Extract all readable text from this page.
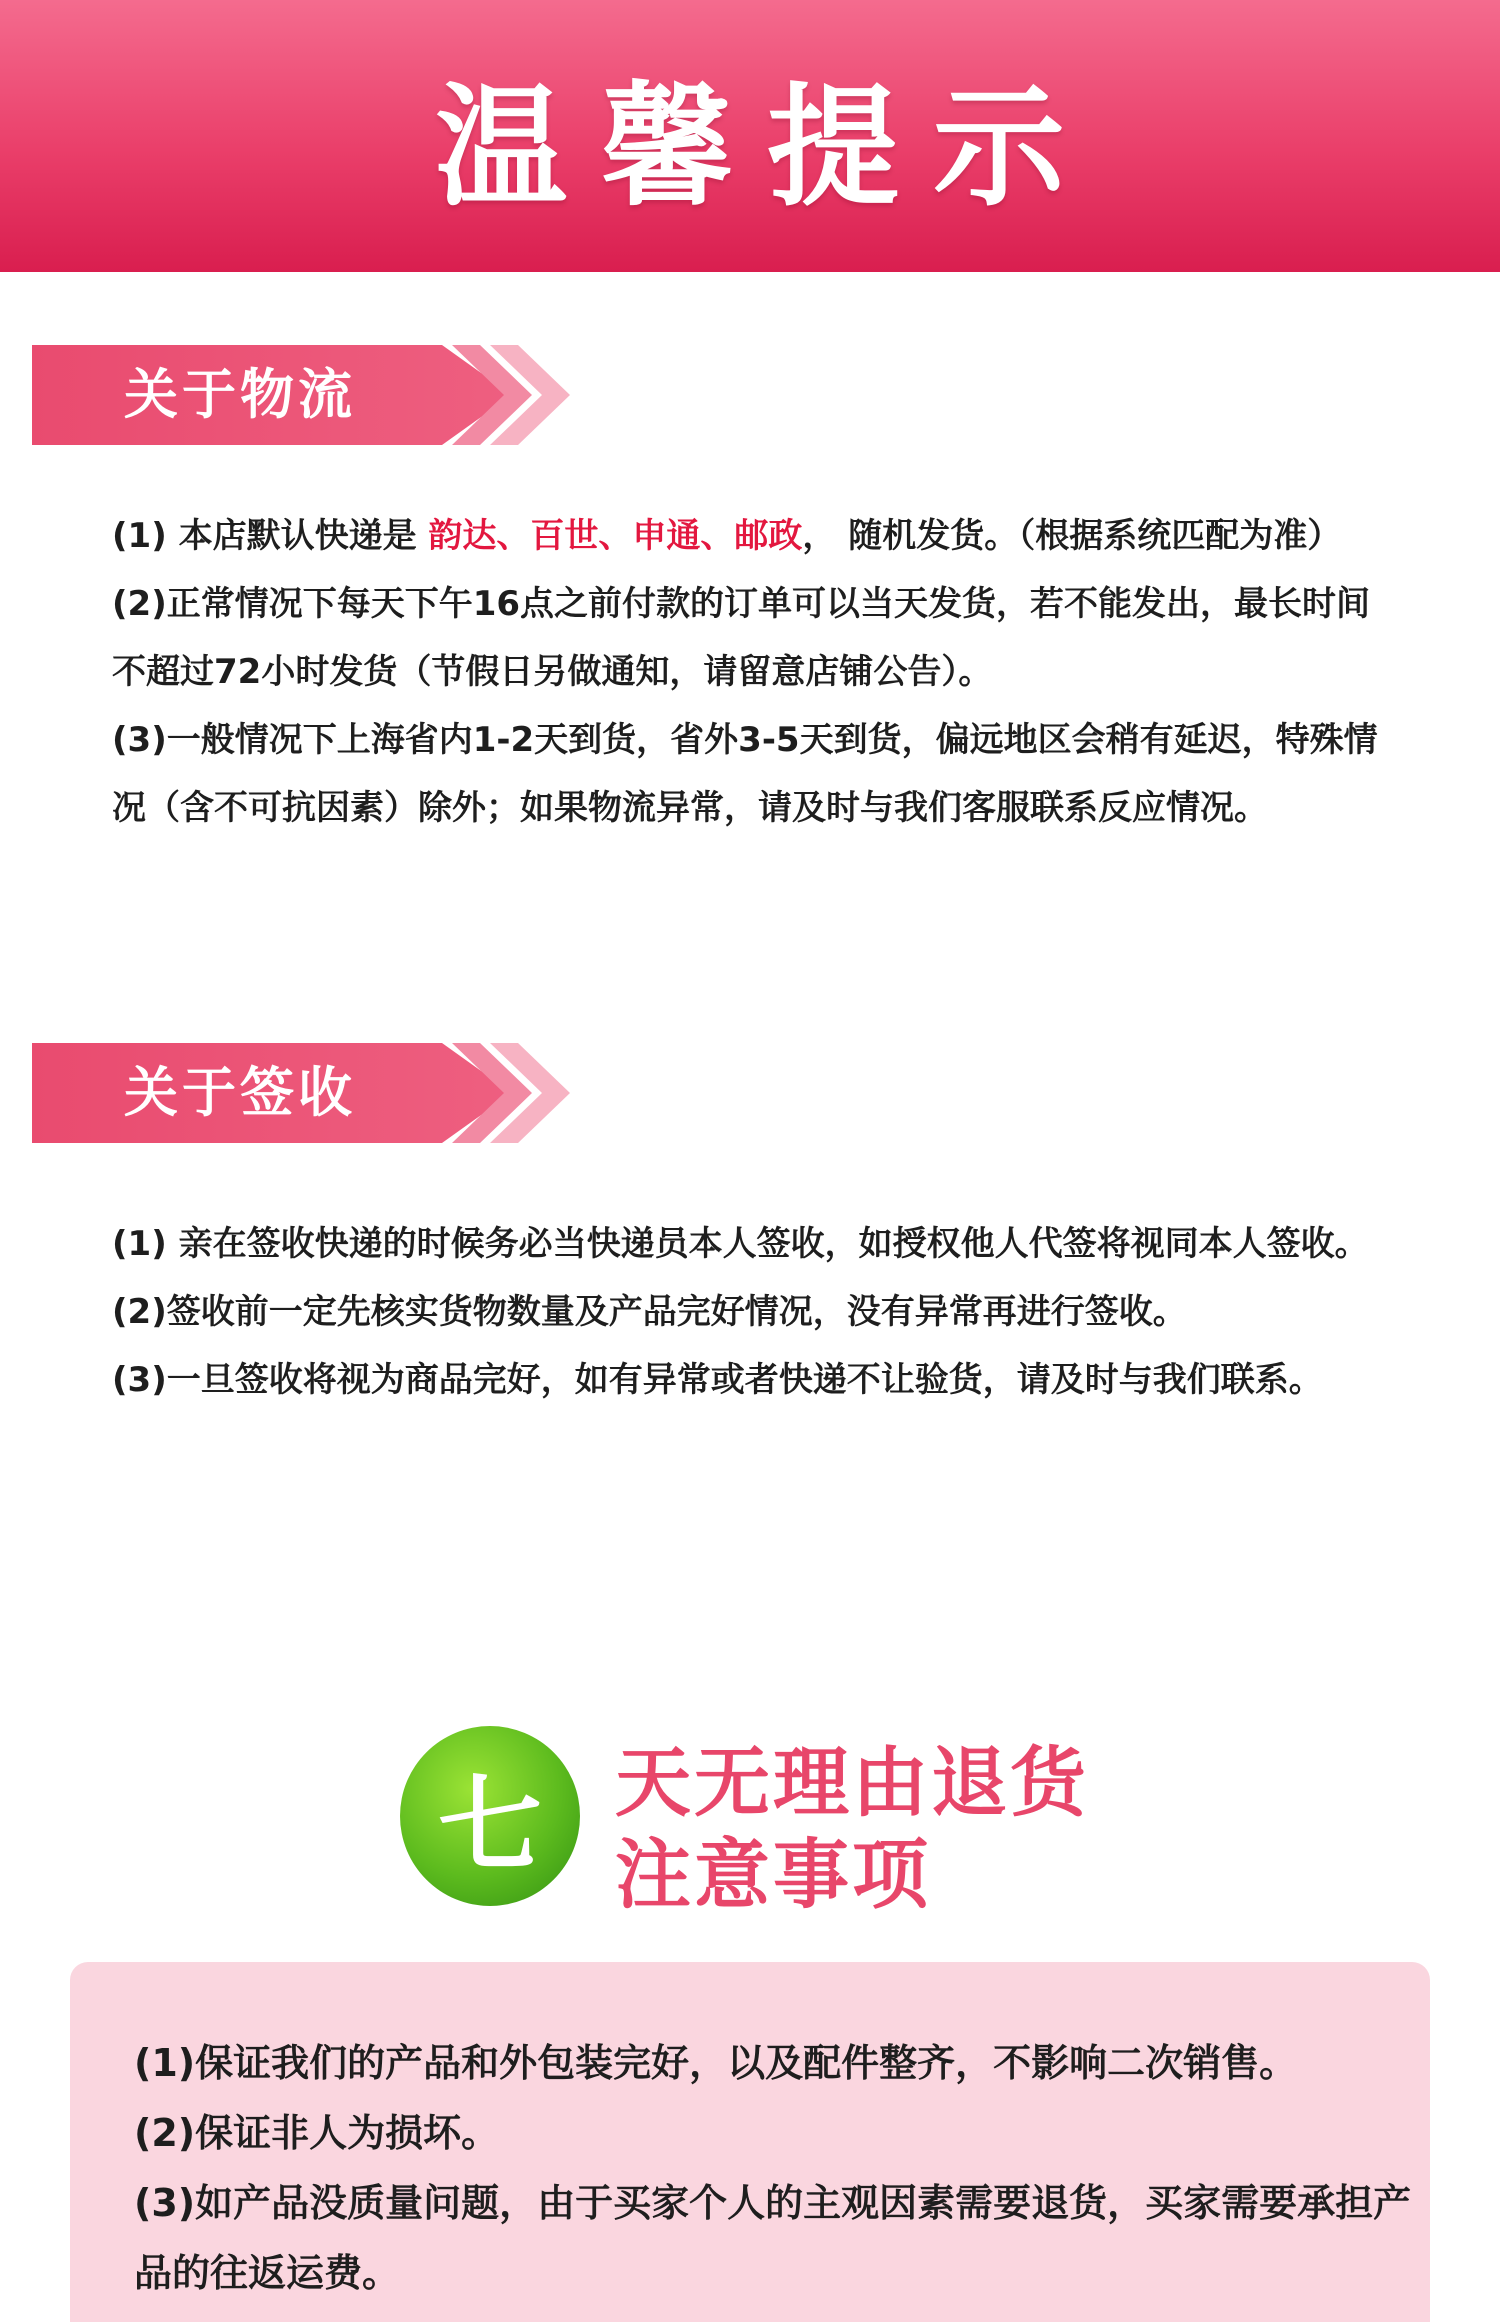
温馨提示
关于物流

(1) 本店默认快递是 韵达、百世、申通、邮政， 随机发货。（根据系统匹配为准）

(2)正常情况下每天下午16点之前付款的订单可以当天发货，若不能发出，最长时间不超过72小时发货（节假日另做通知，请留意店铺公告）。

(3)一般情况下上海省内1-2天到货，省外3-5天到货，偏远地区会稍有延迟，特殊情况（含不可抗因素）除外；如果物流异常，请及时与我们客服联系反应情况。

关于签收

(1) 亲在签收快递的时候务必当快递员本人签收，如授权他人代签将视同本人签收。

(2)签收前一定先核实货物数量及产品完好情况，没有异常再进行签收。

(3)一旦签收将视为商品完好，如有异常或者快递不让验货，请及时与我们联系。

七 天无理由退货
注意事项

(1)保证我们的产品和外包装完好，以及配件整齐，不影响二次销售。

(2)保证非人为损坏。

(3)如产品没质量问题，由于买家个人的主观因素需要退货，买家需要承担产品的往返运费。
